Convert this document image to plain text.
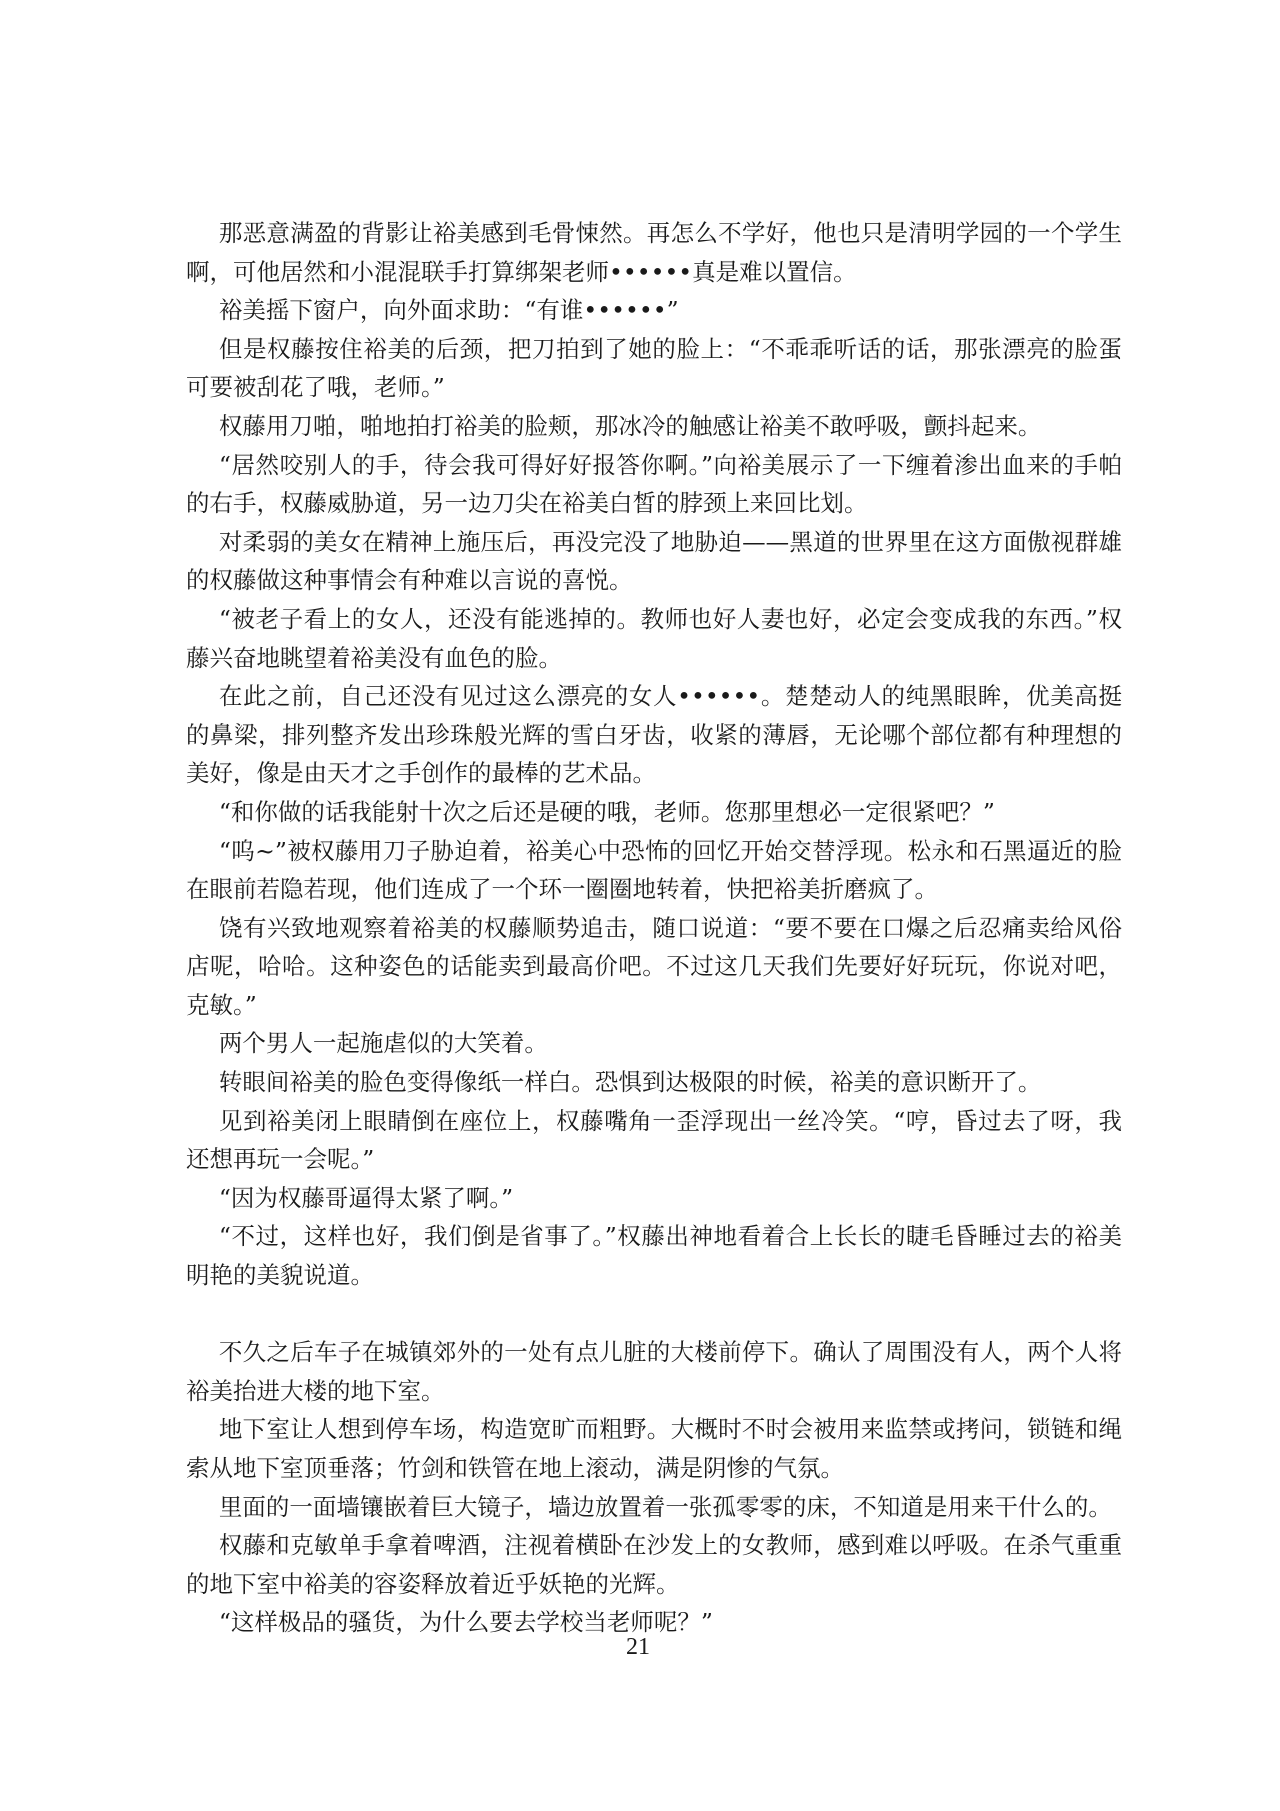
那恶意满盈的背影让裕美感到毛骨悚然。再怎么不学好，他也只是清明学园的一个学生啊，可他居然和小混混联手打算绑架老师••••••真是难以置信。

裕美摇下窗户，向外面求助：“有谁••••••”

但是权藤按住裕美的后颈，把刀拍到了她的脸上：“不乖乖听话的话，那张漂亮的脸蛋可要被刮花了哦，老师。”

权藤用刀啪，啪地拍打裕美的脸颊，那冰冷的触感让裕美不敢呼吸，颤抖起来。

“居然咬别人的手，待会我可得好好报答你啊。”向裕美展示了一下缠着渗出血来的手帕的右手，权藤威胁道，另一边刀尖在裕美白皙的脖颈上来回比划。

对柔弱的美女在精神上施压后，再没完没了地胁迫——黑道的世界里在这方面傲视群雄的权藤做这种事情会有种难以言说的喜悦。

“被老子看上的女人，还没有能逃掉的。教师也好人妻也好，必定会变成我的东西。”权藤兴奋地眺望着裕美没有血色的脸。

在此之前，自己还没有见过这么漂亮的女人••••••。楚楚动人的纯黑眼眸，优美高挺的鼻梁，排列整齐发出珍珠般光辉的雪白牙齿，收紧的薄唇，无论哪个部位都有种理想的美好，像是由天才之手创作的最棒的艺术品。

“和你做的话我能射十次之后还是硬的哦，老师。您那里想必一定很紧吧？”

“呜~”被权藤用刀子胁迫着，裕美心中恐怖的回忆开始交替浮现。松永和石黑逼近的脸在眼前若隐若现，他们连成了一个环一圈圈地转着，快把裕美折磨疯了。

饶有兴致地观察着裕美的权藤顺势追击，随口说道：“要不要在口爆之后忍痛卖给风俗店呢，哈哈。这种姿色的话能卖到最高价吧。不过这几天我们先要好好玩玩，你说对吧，克敏。”

两个男人一起施虐似的大笑着。

转眼间裕美的脸色变得像纸一样白。恐惧到达极限的时候，裕美的意识断开了。

见到裕美闭上眼睛倒在座位上，权藤嘴角一歪浮现出一丝冷笑。“哼，昏过去了呀，我还想再玩一会呢。”

“因为权藤哥逼得太紧了啊。”

“不过，这样也好，我们倒是省事了。”权藤出神地看着合上长长的睫毛昏睡过去的裕美明艳的美貌说道。

不久之后车子在城镇郊外的一处有点儿脏的大楼前停下。确认了周围没有人，两个人将裕美抬进大楼的地下室。

地下室让人想到停车场，构造宽旷而粗野。大概时不时会被用来监禁或拷问，锁链和绳索从地下室顶垂落；竹剑和铁管在地上滚动，满是阴惨的气氛。

里面的一面墙镶嵌着巨大镜子，墙边放置着一张孤零零的床，不知道是用来干什么的。

权藤和克敏单手拿着啤酒，注视着横卧在沙发上的女教师，感到难以呼吸。在杀气重重的地下室中裕美的容姿释放着近乎妖艳的光辉。

“这样极品的骚货，为什么要去学校当老师呢？”

21
